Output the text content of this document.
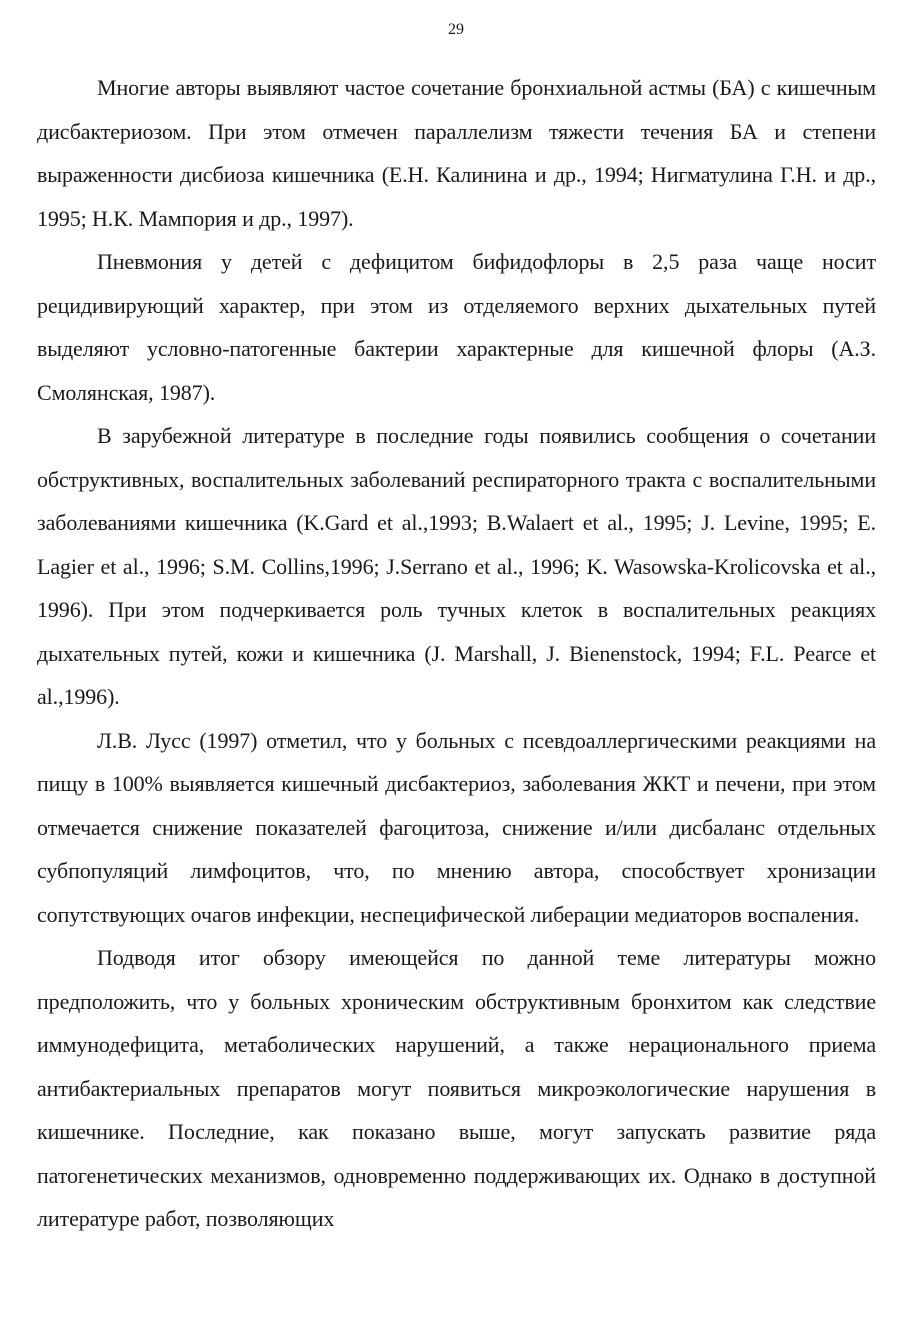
29

Многие авторы выявляют частое сочетание бронхиальной астмы (БА) с кишечным дисбактериозом. При этом отмечен параллелизм тяжести течения БА и степени выраженности дисбиоза кишечника (Е.Н. Калинина и др., 1994; Нигматулина Г.Н. и др., 1995; Н.К. Мампория и др., 1997).

Пневмония у детей с дефицитом бифидофлоры в 2,5 раза чаще носит рецидивирующий характер, при этом из отделяемого верхних дыхательных путей выделяют условно-патогенные бактерии характерные для кишечной флоры (А.З. Смолянская, 1987).

В зарубежной литературе в последние годы появились сообщения о сочетании обструктивных, воспалительных заболеваний респираторного тракта с воспалительными заболеваниями кишечника (K.Gard et al.,1993; B.Walaert et al., 1995; J. Levine, 1995; E. Lagier et al., 1996; S.M. Collins,1996; J.Serrano et al., 1996; K. Wasowska-Krolicovska et al., 1996). При этом подчеркивается роль тучных клеток в воспалительных реакциях дыхательных путей, кожи и кишечника (J. Marshall, J. Bienenstock, 1994; F.L. Pearce et al.,1996).

Л.В. Лусс (1997) отметил, что у больных с псевдоаллергическими реакциями на пищу в 100% выявляется кишечный дисбактериоз, заболевания ЖКТ и печени, при этом отмечается снижение показателей фагоцитоза, снижение и/или дисбаланс отдельных субпопуляций лимфоцитов, что, по мнению автора, способствует хронизации сопутствующих очагов инфекции, неспецифической либерации медиаторов воспаления.

Подводя итог обзору имеющейся по данной теме литературы можно предположить, что у больных хроническим обструктивным бронхитом как следствие иммунодефицита, метаболических нарушений, а также нерационального приема антибактериальных препаратов могут появиться микроэкологические нарушения в кишечнике. Последние, как показано выше, могут запускать развитие ряда патогенетических механизмов, одновременно поддерживающих их. Однако в доступной литературе работ, позволяющих
